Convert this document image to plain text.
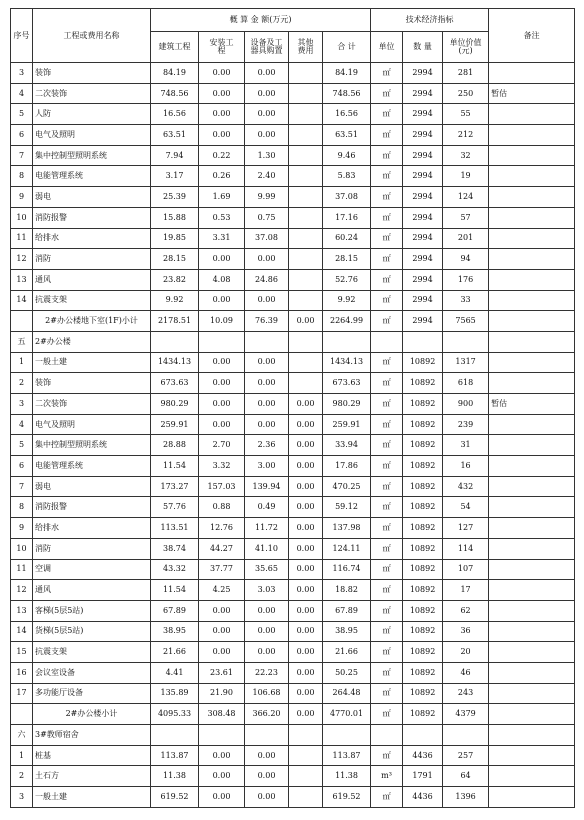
序号	工程或费用名称	概 算 金 额(万元)					技术经济指标			备注
		建筑工程	安装工程	设备及工器具购置	其他费用	合 计	单位	数 量	单位价值(元)	
3	装饰	84.19	0.00	0.00		84.19	㎡	2994	281	
4	二次装饰	748.56	0.00	0.00		748.56	㎡	2994	250	暂估
5	人防	16.56	0.00	0.00		16.56	㎡	2994	55	
6	电气及照明	63.51	0.00	0.00		63.51	㎡	2994	212	
7	集中控制型照明系统	7.94	0.22	1.30		9.46	㎡	2994	32	
8	电能管理系统	3.17	0.26	2.40		5.83	㎡	2994	19	
9	弱电	25.39	1.69	9.99		37.08	㎡	2994	124	
10	消防报警	15.88	0.53	0.75		17.16	㎡	2994	57	
11	给排水	19.85	3.31	37.08		60.24	㎡	2994	201	
12	消防	28.15	0.00	0.00		28.15	㎡	2994	94	
13	通风	23.82	4.08	24.86		52.76	㎡	2994	176	
14	抗震支架	9.92	0.00	0.00		9.92	㎡	2994	33	
	2#办公楼地下室(1F)小计	2178.51	10.09	76.39	0.00	2264.99	㎡	2994	7565	
五	2#办公楼									
1	一般土建	1434.13	0.00	0.00		1434.13	㎡	10892	1317	
2	装饰	673.63	0.00	0.00		673.63	㎡	10892	618	
3	二次装饰	980.29	0.00	0.00	0.00	980.29	㎡	10892	900	暂估
4	电气及照明	259.91	0.00	0.00	0.00	259.91	㎡	10892	239	
5	集中控制型照明系统	28.88	2.70	2.36	0.00	33.94	㎡	10892	31	
6	电能管理系统	11.54	3.32	3.00	0.00	17.86	㎡	10892	16	
7	弱电	173.27	157.03	139.94	0.00	470.25	㎡	10892	432	
8	消防报警	57.76	0.88	0.49	0.00	59.12	㎡	10892	54	
9	给排水	113.51	12.76	11.72	0.00	137.98	㎡	10892	127	
10	消防	38.74	44.27	41.10	0.00	124.11	㎡	10892	114	
11	空调	43.32	37.77	35.65	0.00	116.74	㎡	10892	107	
12	通风	11.54	4.25	3.03	0.00	18.82	㎡	10892	17	
13	客梯(5层5站)	67.89	0.00	0.00	0.00	67.89	㎡	10892	62	
14	货梯(5层5站)	38.95	0.00	0.00	0.00	38.95	㎡	10892	36	
15	抗震支架	21.66	0.00	0.00	0.00	21.66	㎡	10892	20	
16	会议室设备	4.41	23.61	22.23	0.00	50.25	㎡	10892	46	
17	多功能厅设备	135.89	21.90	106.68	0.00	264.48	㎡	10892	243	
	2#办公楼小计	4095.33	308.48	366.20	0.00	4770.01	㎡	10892	4379	
六	3#教师宿舍									
1	桩基	113.87	0.00	0.00		113.87	㎡	4436	257	
2	土石方	11.38	0.00	0.00		11.38	m³	1791	64	
3	一般土建	619.52	0.00	0.00		619.52	㎡	4436	1396	
